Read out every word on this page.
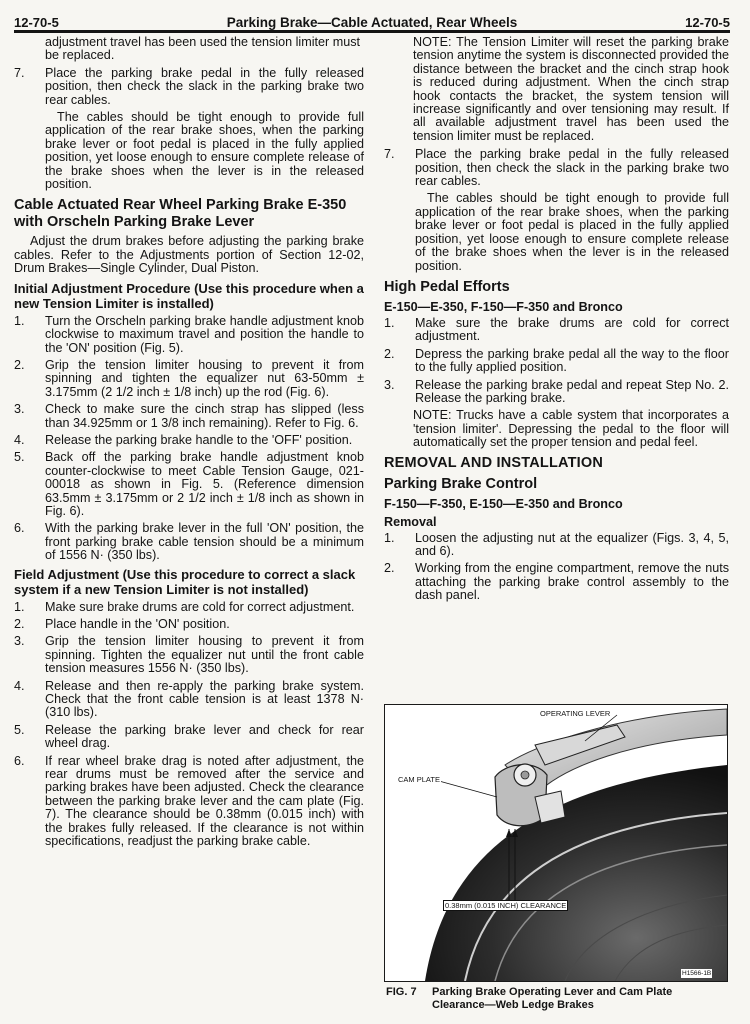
12-70-5	Parking Brake—Cable Actuated, Rear Wheels	12-70-5

adjustment travel has been used the tension limiter must be replaced.

7.	Place the parking brake pedal in the fully released position, then check the slack in the parking brake two rear cables.

The cables should be tight enough to provide full application of the rear brake shoes, when the parking brake lever or foot pedal is placed in the fully applied position, yet loose enough to ensure complete release of the brake shoes when the lever is in the released position.

Cable Actuated Rear Wheel Parking Brake E-350 with Orscheln Parking Brake Lever

Adjust the drum brakes before adjusting the parking brake cables. Refer to the Adjustments portion of Section 12-02, Drum Brakes—Single Cylinder, Dual Piston.

Initial Adjustment Procedure (Use this procedure when a new Tension Limiter is installed)
1.	Turn the Orscheln parking brake handle adjustment knob clockwise to maximum travel and position the handle to the 'ON' position (Fig. 5).
2.	Grip the tension limiter housing to prevent it from spinning and tighten the equalizer nut 63-50mm ± 3.175mm (2 1/2 inch ± 1/8 inch) up the rod (Fig. 6).
3.	Check to make sure the cinch strap has slipped (less than 34.925mm or 1 3/8 inch remaining). Refer to Fig. 6.
4.	Release the parking brake handle to the 'OFF' position.
5.	Back off the parking brake handle adjustment knob counter-clockwise to meet Cable Tension Gauge, 021-00018 as shown in Fig. 5. (Reference dimension 63.5mm ± 3.175mm or 2 1/2 inch ± 1/8 inch as shown in Fig. 6).
6.	With the parking brake lever in the full 'ON' position, the front parking brake cable tension should be a minimum of 1556 N· (350 lbs).
Field Adjustment (Use this procedure to correct a slack system if a new Tension Limiter is not installed)
1.	Make sure brake drums are cold for correct adjustment.
2.	Place handle in the 'ON' position.
3.	Grip the tension limiter housing to prevent it from spinning. Tighten the equalizer nut until the front cable tension measures 1556 N· (350 lbs).
4.	Release and then re-apply the parking brake system. Check that the front cable tension is at least 1378 N· (310 lbs).
5.	Release the parking brake lever and check for rear wheel drag.
6.	If rear wheel brake drag is noted after adjustment, the rear drums must be removed after the service and parking brakes have been adjusted. Check the clearance between the parking brake lever and the cam plate (Fig. 7). The clearance should be 0.38mm (0.015 inch) with the brakes fully released. If the clearance is not within specifications, readjust the parking brake cable.

NOTE: The Tension Limiter will reset the parking brake tension anytime the system is disconnected provided the distance between the bracket and the cinch strap hook is reduced during adjustment. When the cinch strap hook contacts the bracket, the system tension will increase significantly and over tensioning may result. If all available adjustment travel has been used the tension limiter must be replaced.

7.	Place the parking brake pedal in the fully released position, then check the slack in the parking brake two rear cables.

The cables should be tight enough to provide full application of the rear brake shoes, when the parking brake lever or foot pedal is placed in the fully applied position, yet loose enough to ensure complete release of the brake shoes when the lever is in the released position.

High Pedal Efforts
E-150—E-350, F-150—F-350 and Bronco
1.	Make sure the brake drums are cold for correct adjustment.
2.	Depress the parking brake pedal all the way to the floor to the fully applied position.
3.	Release the parking brake pedal and repeat Step No. 2. Release the parking brake.

NOTE: Trucks have a cable system that incorporates a 'tension limiter'. Depressing the pedal to the floor will automatically set the proper tension and pedal feel.

REMOVAL AND INSTALLATION
Parking Brake Control
F-150—F-350, E-150—E-350 and Bronco
Removal
1.	Loosen the adjusting nut at the equalizer (Figs. 3, 4, 5, and 6).
2.	Working from the engine compartment, remove the nuts attaching the parking brake control assembly to the dash panel.
OPERATING LEVER
CAM PLATE
0.38mm (0.015 INCH) CLEARANCE
H1566-1B
FIG. 7	Parking Brake Operating Lever and Cam Plate Clearance—Web Ledge Brakes
